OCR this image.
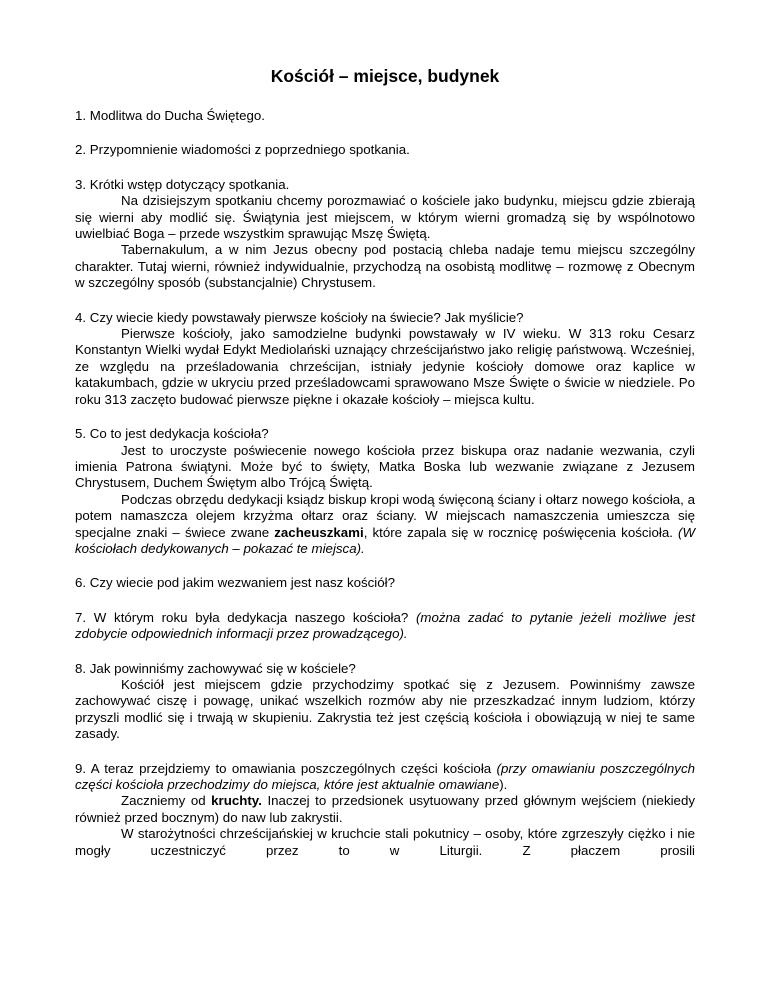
Kościół – miejsce, budynek

1. Modlitwa do Ducha Świętego.

2. Przypomnienie wiadomości z poprzedniego spotkania.

3. Krótki wstęp dotyczący spotkania.

Na dzisiejszym spotkaniu chcemy porozmawiać o kościele jako budynku, miejscu gdzie zbierają się wierni aby modlić się. Świątynia jest miejscem, w którym wierni gromadzą się by wspólnotowo uwielbiać Boga – przede wszystkim sprawując Mszę Świętą.

Tabernakulum, a w nim Jezus obecny pod postacią chleba nadaje temu miejscu szczególny charakter. Tutaj wierni, również indywidualnie, przychodzą na osobistą modlitwę – rozmowę z Obecnym w szczególny sposób (substancjalnie) Chrystusem.

4. Czy wiecie kiedy powstawały pierwsze kościoły na świecie? Jak myślicie?

Pierwsze kościoły, jako samodzielne budynki powstawały w IV wieku. W 313 roku Cesarz Konstantyn Wielki wydał Edykt Mediolański uznający chrześcijaństwo jako religię państwową. Wcześniej, ze względu na prześladowania chrześcijan, istniały jedynie kościoły domowe oraz kaplice w katakumbach, gdzie w ukryciu przed prześladowcami sprawowano Msze Święte o świcie w niedziele. Po roku 313 zaczęto budować pierwsze piękne i okazałe kościoły – miejsca kultu.

5. Co to jest dedykacja kościoła?

Jest to uroczyste poświecenie nowego kościoła przez biskupa oraz nadanie wezwania, czyli imienia Patrona świątyni. Może być to święty, Matka Boska lub wezwanie związane z Jezusem Chrystusem, Duchem Świętym albo Trójcą Świętą.

Podczas obrzędu dedykacji ksiądz biskup kropi wodą święconą ściany i ołtarz nowego kościoła, a potem namaszcza olejem krzyżma ołtarz oraz ściany. W miejscach namaszczenia umieszcza się specjalne znaki – świece zwane zacheuszkami, które zapala się w rocznicę poświęcenia kościoła. (W kościołach dedykowanych – pokazać te miejsca).

6. Czy wiecie pod jakim wezwaniem jest nasz kościół?

7. W którym roku była dedykacja naszego kościoła? (można zadać to pytanie jeżeli możliwe jest zdobycie odpowiednich informacji przez prowadzącego).

8. Jak powinniśmy zachowywać się w kościele?

Kościół jest miejscem gdzie przychodzimy spotkać się z Jezusem. Powinniśmy zawsze zachowywać ciszę i powagę, unikać wszelkich rozmów aby nie przeszkadzać innym ludziom, którzy przyszli modlić się i trwają w skupieniu. Zakrystia też jest częścią kościoła i obowiązują w niej te same zasady.

9. A teraz przejdziemy to omawiania poszczególnych części kościoła (przy omawianiu poszczególnych części kościoła przechodzimy do miejsca, które jest aktualnie omawiane).

Zaczniemy od kruchty. Inaczej to przedsionek usytuowany przed głównym wejściem (niekiedy również przed bocznym) do naw lub zakrystii.

W starożytności chrześcijańskiej w kruchcie stali pokutnicy – osoby, które zgrzeszyły ciężko i nie mogły uczestniczyć przez to w Liturgii. Z płaczem prosili
